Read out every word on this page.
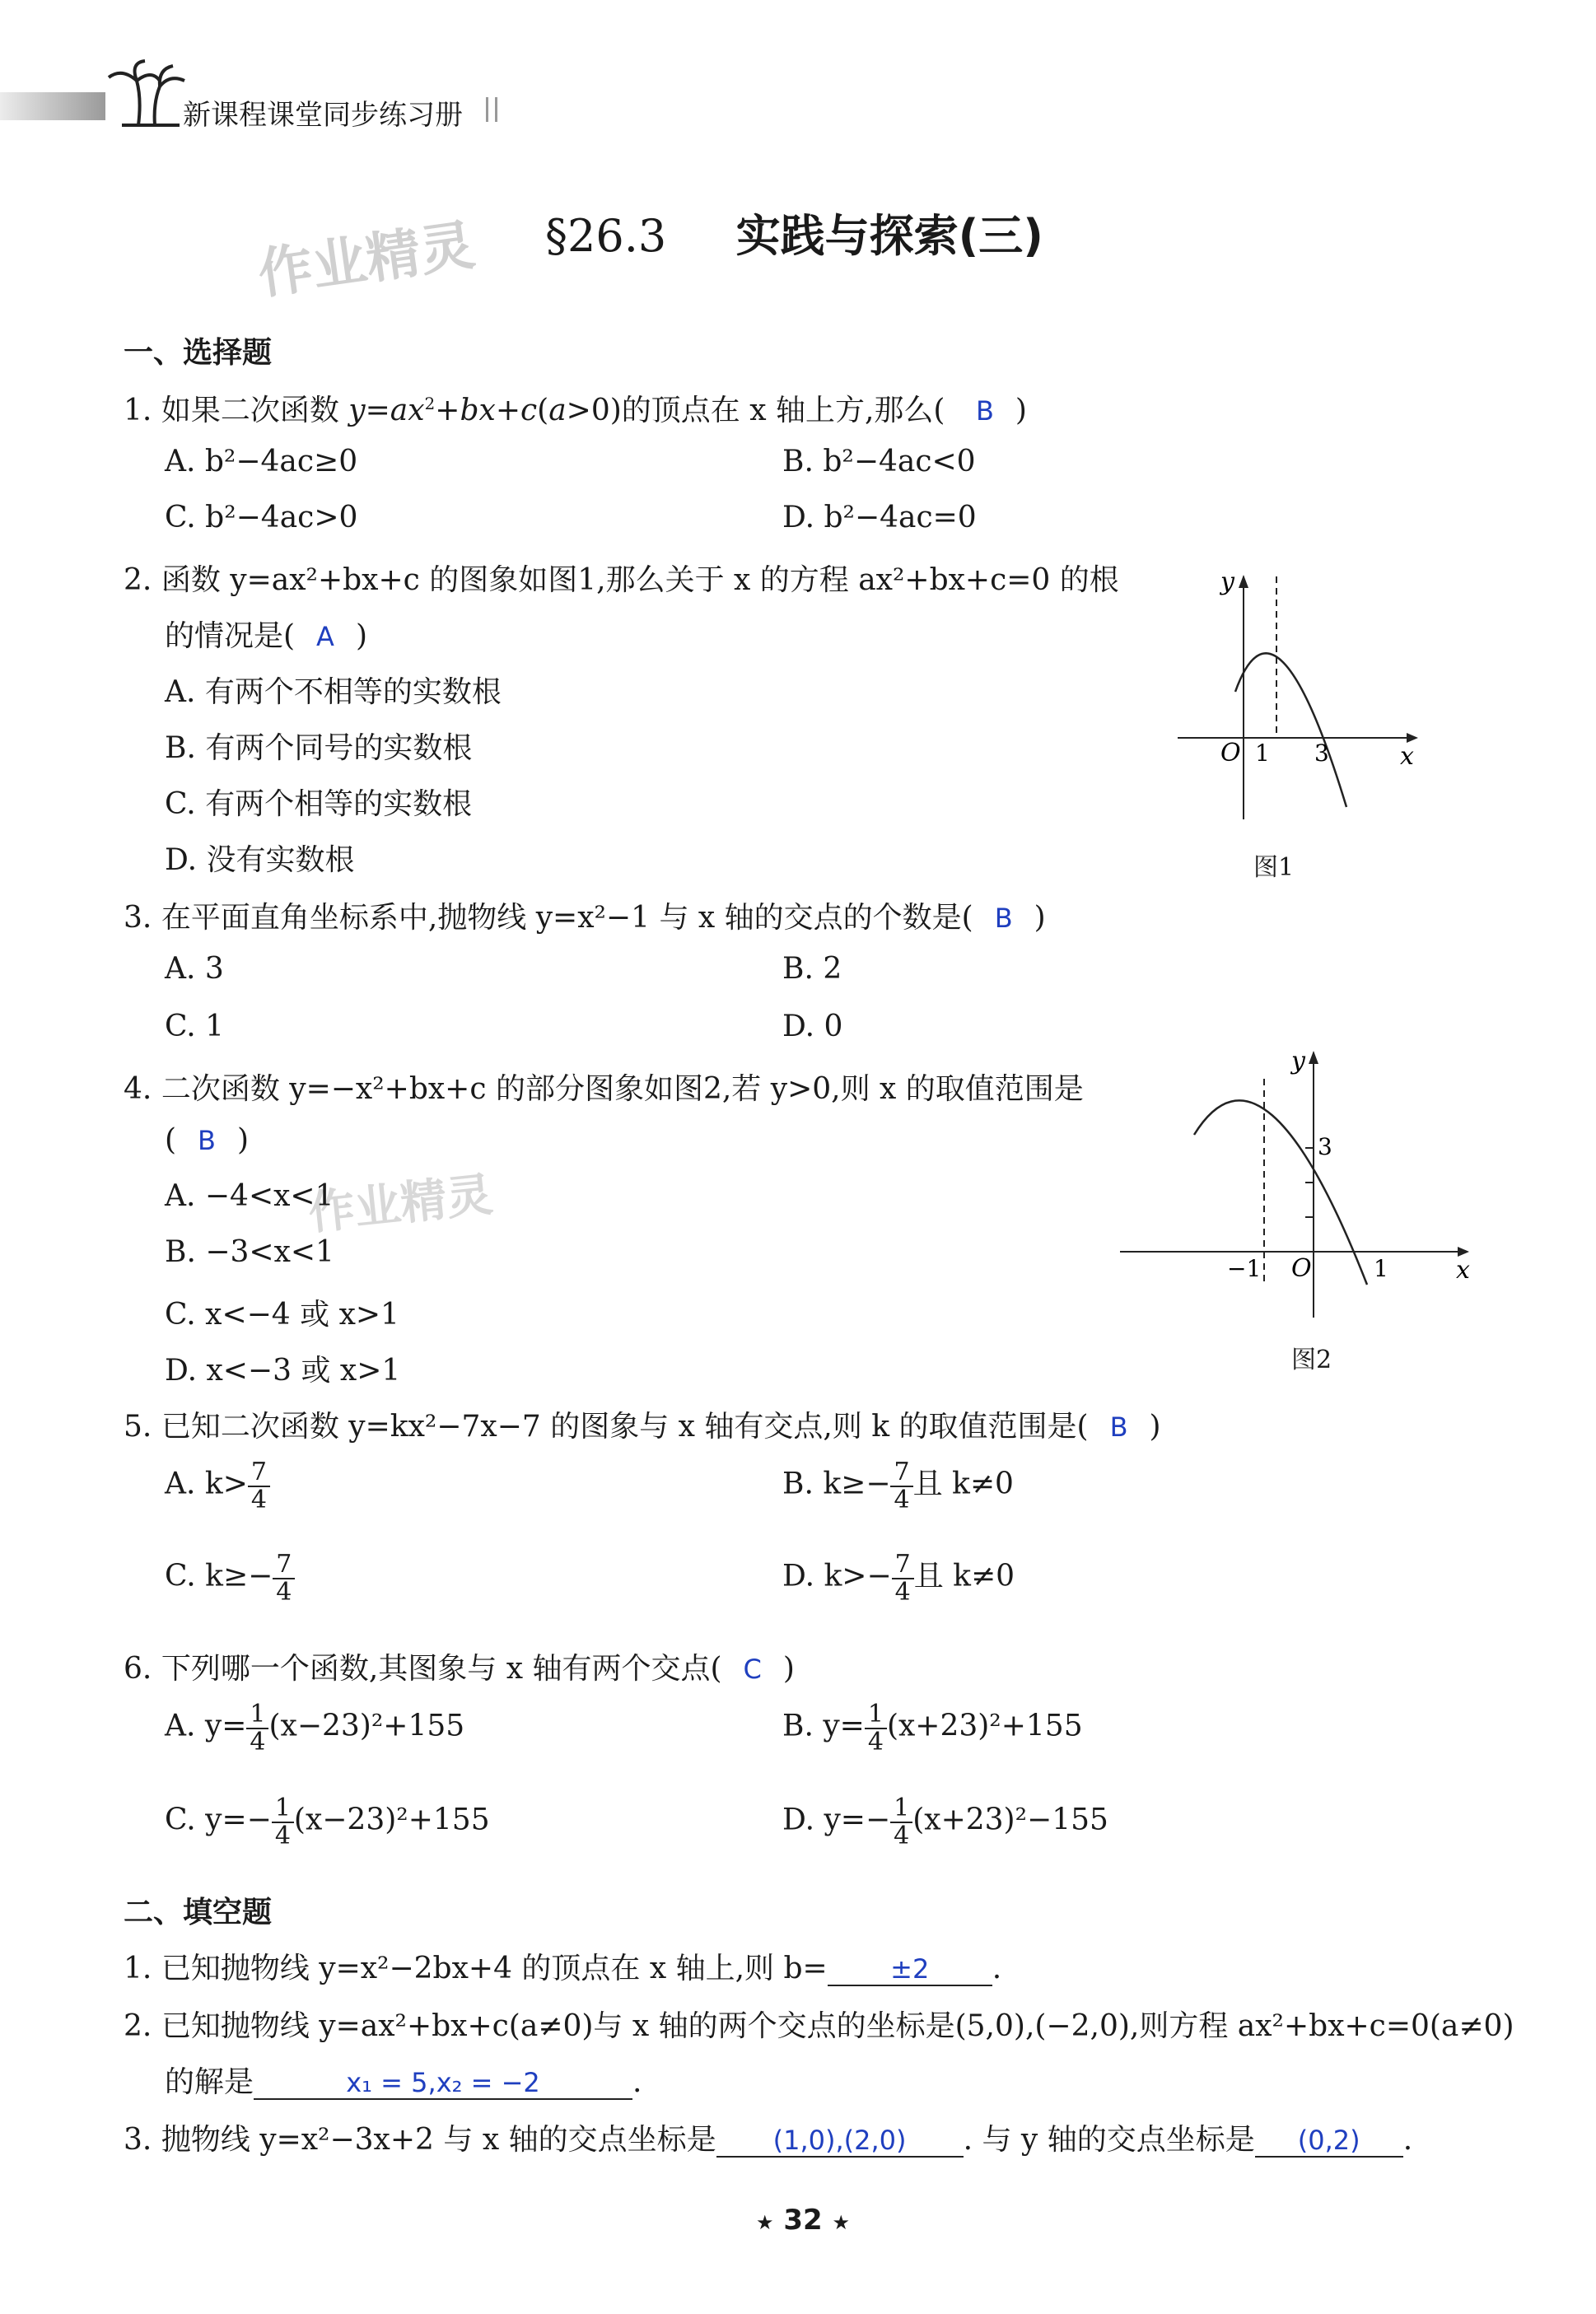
新课程课堂同步练习册
作业精灵
作业精灵
§26.3 实践与探索(三)
一、选择题
1. 如果二次函数 $y=ax^2+bx+c(a>0)$的顶点在 x 轴上方,那么( B )
A. b²−4ac≥0	B. b²−4ac<0
C. b²−4ac>0	D. b²−4ac=0
2. 函数 y=ax²+bx+c 的图象如图1,那么关于 x 的方程 ax²+bx+c=0 的根
的情况是( A )
A. 有两个不相等的实数根
B. 有两个同号的实数根
C. 有两个相等的实数根
D. 没有实数根
y
x
O 1 3
图1
3. 在平面直角坐标系中,抛物线 y=x²−1 与 x 轴的交点的个数是( B )
A. 3	B. 2
C. 1	D. 0
4. 二次函数 y=−x²+bx+c 的部分图象如图2,若 y>0,则 x 的取值范围是
( B )
A. −4<x<1
B. −3<x<1
C. x<−4 或 x>1
D. x<−3 或 x>1
y
x
O
−1	1
3
图2
5. 已知二次函数 y=kx²−7x−7 的图象与 x 轴有交点,则 k 的取值范围是( B )
A. $k> \frac{7}{4}$	B. $k\ge- \frac{7}{4}$ 且 k≠0
C. $k\ge- \frac{7}{4}$	D. $k>- \frac{7}{4}$ 且 k≠0
6. 下列哪一个函数,其图象与 x 轴有两个交点( C )
A. $y= \frac{1}{4} (x-23)^2+155$	B. $y= \frac{1}{4} (x+23)^2+155$
C. $y=- \frac{1}{4} (x-23)^2+155$	D. $y=- \frac{1}{4} (x+23)^2-155$
二、填空题
1. 已知抛物线 y=x²−2bx+4 的顶点在 x 轴上,则 b= ±2 .
2. 已知抛物线 y=ax²+bx+c(a≠0)与 x 轴的两个交点的坐标是(5,0),(−2,0),则方程 ax²+bx+c=0(a≠0)
的解是	x₁ = 5,x₂ = −2	.
3. 抛物线 y=x²−3x+2 与 x 轴的交点坐标是 (1,0),(2,0) . 与 y 轴的交点坐标是 (0,2) .
★ 32 ★
